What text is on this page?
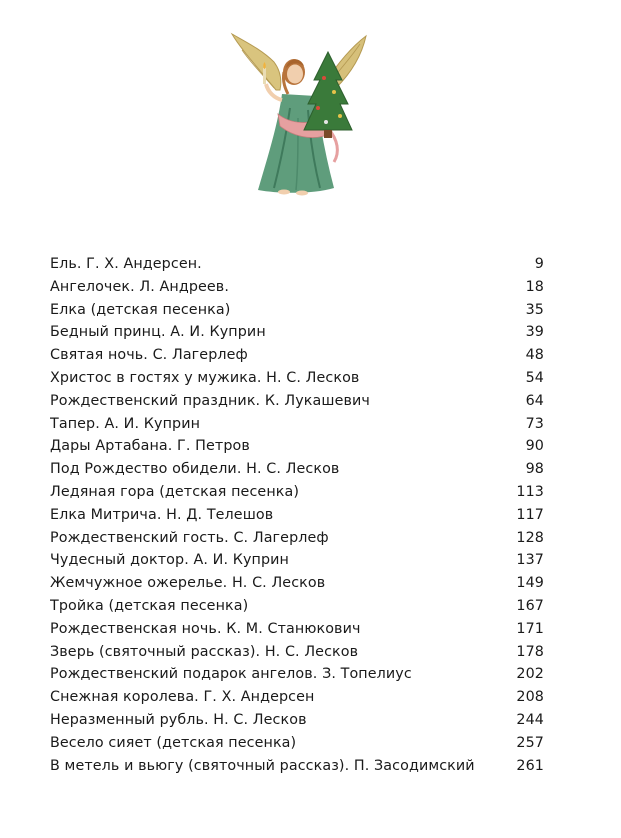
Ель. Г. Х. Андерсен.	9
Ангелочек. Л. Андреев.	18
Елка (детская песенка)	35
Бедный принц. А. И. Куприн	39
Святая ночь. С. Лагерлеф	48
Христос в гостях у мужика. Н. С. Лесков	54
Рождественский праздник. К. Лукашевич	64
Тапер. А. И. Куприн	73
Дары Артабана. Г. Петров	90
Под Рождество обидели. Н. С. Лесков	98
Ледяная гора (детская песенка)	113
Елка Митрича. Н. Д. Телешов	117
Рождественский гость. С. Лагерлеф	128
Чудесный доктор. А. И. Куприн	137
Жемчужное ожерелье. Н. С. Лесков	149
Тройка (детская песенка)	167
Рождественская ночь. К. М. Станюкович	171
Зверь (святочный рассказ). Н. С. Лесков	178
Рождественский подарок ангелов. З. Топелиус	202
Снежная королева. Г. Х. Андерсен	208
Неразменный рубль. Н. С. Лесков	244
Весело сияет (детская песенка)	257
В метель и вьюгу (святочный рассказ). П. Засодимский	261
